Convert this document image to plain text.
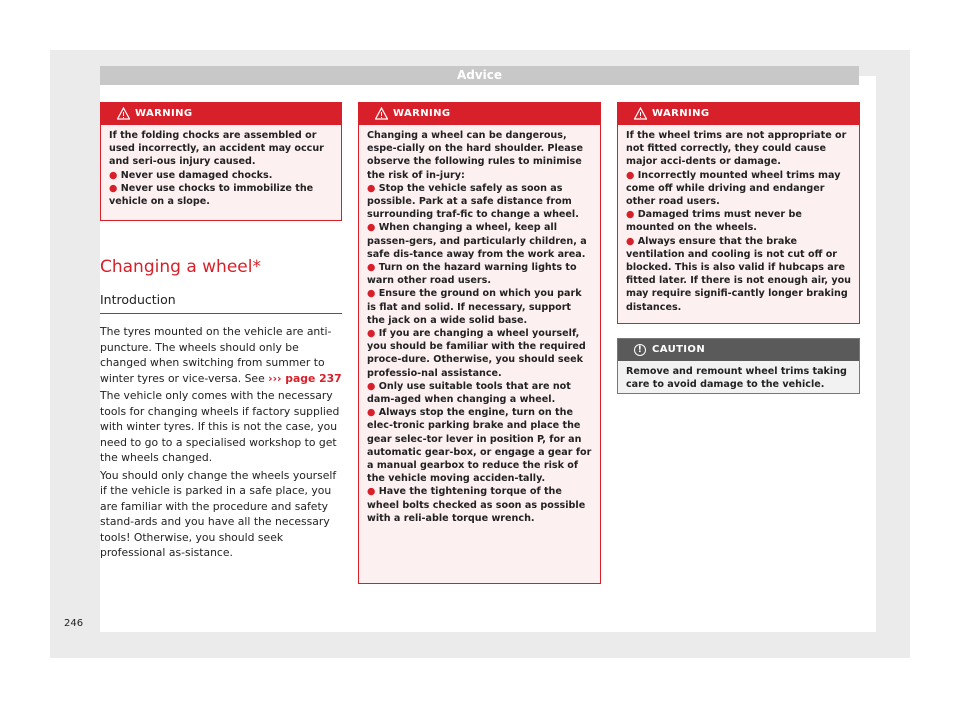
Advice
WARNING

If the folding chocks are assembled or used incorrectly, an accident may occur and seri-ous injury caused.

● Never use damaged chocks.

● Never use chocks to immobilize the vehicle on a slope.

Changing a wheel*
Introduction

The tyres mounted on the vehicle are anti-puncture. The wheels should only be changed when switching from summer to winter tyres or vice-versa. See ››› page 237

The vehicle only comes with the necessary tools for changing wheels if factory supplied with winter tyres. If this is not the case, you need to go to a specialised workshop to get the wheels changed.

You should only change the wheels yourself if the vehicle is parked in a safe place, you are familiar with the procedure and safety stand-ards and you have all the necessary tools! Otherwise, you should seek professional as-sistance.

WARNING

Changing a wheel can be dangerous, espe-cially on the hard shoulder. Please observe the following rules to minimise the risk of in-jury:

● Stop the vehicle safely as soon as possible. Park at a safe distance from surrounding traf-fic to change a wheel.

● When changing a wheel, keep all passen-gers, and particularly children, a safe dis-tance away from the work area.

● Turn on the hazard warning lights to warn other road users.

● Ensure the ground on which you park is flat and solid. If necessary, support the jack on a wide solid base.

● If you are changing a wheel yourself, you should be familiar with the required proce-dure. Otherwise, you should seek professio-nal assistance.

● Only use suitable tools that are not dam-aged when changing a wheel.

● Always stop the engine, turn on the elec-tronic parking brake and place the gear selec-tor lever in position P, for an automatic gear-box, or engage a gear for a manual gearbox to reduce the risk of the vehicle moving acciden-tally.

● Have the tightening torque of the wheel bolts checked as soon as possible with a reli-able torque wrench.

WARNING

If the wheel trims are not appropriate or not fitted correctly, they could cause major acci-dents or damage.

● Incorrectly mounted wheel trims may come off while driving and endanger other road users.

● Damaged trims must never be mounted on the wheels.

● Always ensure that the brake ventilation and cooling is not cut off or blocked. This is also valid if hubcaps are fitted later. If there is not enough air, you may require signifi-cantly longer braking distances.

! CAUTION
Remove and remount wheel trims taking care to avoid damage to the vehicle.
246
